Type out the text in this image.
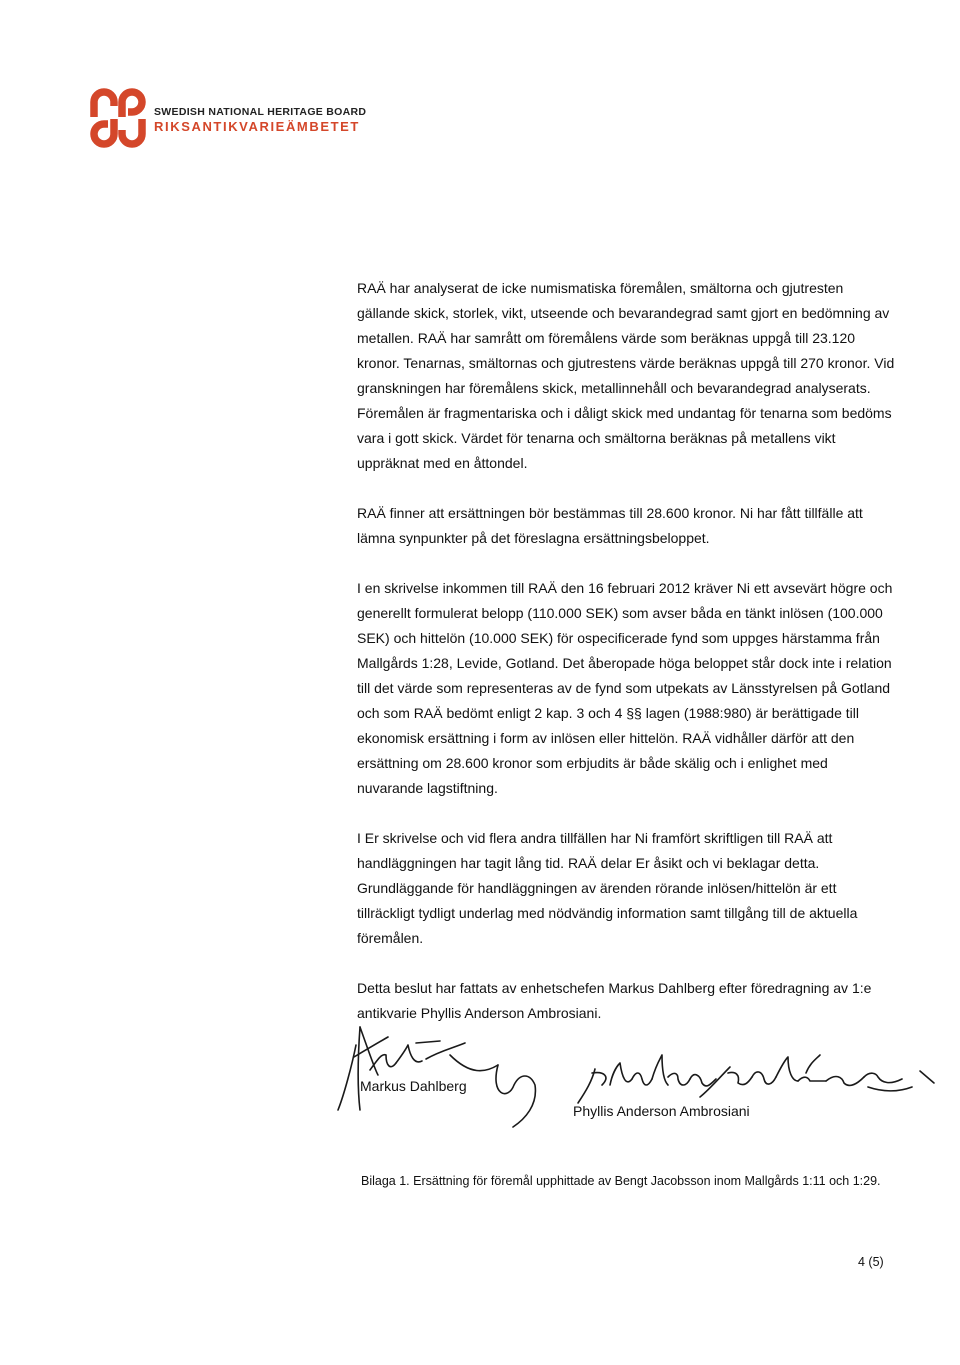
SWEDISH NATIONAL HERITAGE BOARD
RIKSANTIKVARIEÄMBETET

RAÄ har analyserat de icke numismatiska föremålen, smältorna och gjutresten gällande skick, storlek, vikt, utseende och bevarandegrad samt gjort en bedömning av metallen. RAÄ har samrått om föremålens värde som beräknas uppgå till 23.120 kronor. Tenarnas, smältornas och gjutrestens värde beräknas uppgå till 270 kronor. Vid granskningen har föremålens skick, metallinnehåll och bevarandegrad analyserats. Föremålen är fragmentariska och i dåligt skick med undantag för tenarna som bedöms vara i gott skick. Värdet för tenarna och smältorna beräknas på metallens vikt uppräknat med en åttondel.

RAÄ finner att ersättningen bör bestämmas till 28.600 kronor. Ni har fått tillfälle att lämna synpunkter på det föreslagna ersättningsbeloppet.

I en skrivelse inkommen till RAÄ den 16 februari 2012 kräver Ni ett avsevärt högre och generellt formulerat belopp (110.000 SEK) som avser båda en tänkt inlösen (100.000 SEK) och hittelön (10.000 SEK) för ospecificerade fynd som uppges härstamma från Mallgårds 1:28, Levide, Gotland. Det åberopade höga beloppet står dock inte i relation till det värde som representeras av de fynd som utpekats av Länsstyrelsen på Gotland och som RAÄ bedömt enligt 2 kap. 3 och 4 §§ lagen (1988:980) är berättigade till ekonomisk ersättning i form av inlösen eller hittelön. RAÄ vidhåller därför att den ersättning om 28.600 kronor som erbjudits är både skälig och i enlighet med nuvarande lagstiftning.

I Er skrivelse och vid flera andra tillfällen har Ni framfört skriftligen till RAÄ att handläggningen har tagit lång tid. RAÄ delar Er åsikt och vi beklagar detta. Grundläggande för handläggningen av ärenden rörande inlösen/hittelön är ett tillräckligt tydligt underlag med nödvändig information samt tillgång till de aktuella föremålen.

Detta beslut har fattats av enhetschefen Markus Dahlberg efter föredragning av 1:e antikvarie Phyllis Anderson Ambrosiani.

Markus Dahlberg
Phyllis Anderson Ambrosiani
Bilaga 1. Ersättning för föremål upphittade av Bengt Jacobsson inom Mallgårds 1:11 och 1:29.
4 (5)
